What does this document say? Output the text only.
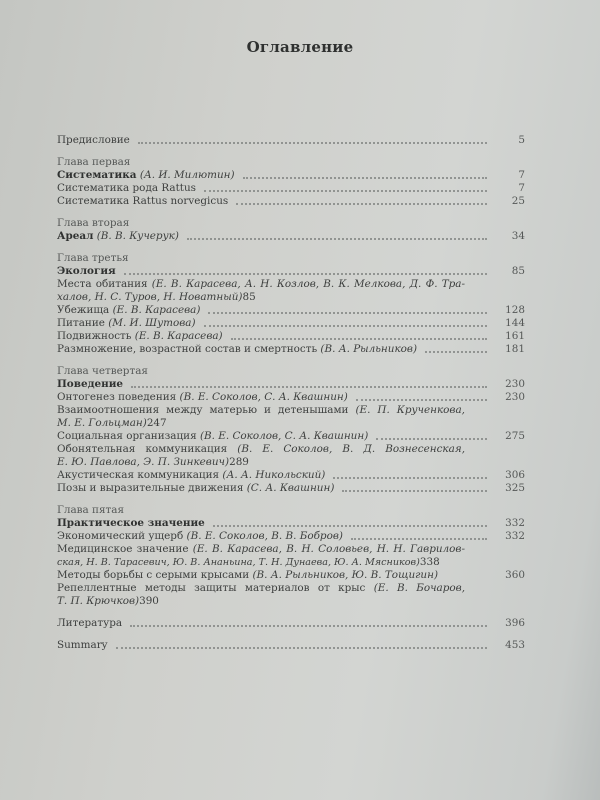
Оглавление
Предисловие	5
Глава первая
Систематика (А. И. Милютин)	7
Систематика рода Rattus	7
Систематика Rattus norvegicus	25
Глава вторая
Ареал (В. В. Кучерук)	34
Глава третья
Экология	85
Места обитания (Е. В. Карасева, А. Н. Козлов, В. К. Мелкова, Д. Ф. Тра-
халов, Н. С. Туров, Н. Новатный) 85
Убежища (Е. В. Карасева)	128
Питание (М. И. Шутова)	144
Подвижность (Е. В. Карасева)	161
Размножение, возрастной состав и смертность (В. А. Рыльников)	181
Глава четвертая
Поведение	230
Онтогенез поведения (В. Е. Соколов, С. А. Квашнин)	230
Взаимоотношения между матерью и детенышами (Е. П. Крученкова,
М. Е. Гольцман) 247
Социальная организация (В. Е. Соколов, С. А. Квашнин)	275
Обонятельная коммуникация (В. Е. Соколов, В. Д. Вознесенская,
Е. Ю. Павлова, Э. П. Зинкевич) 289
Акустическая коммуникация (А. А. Никольский)	306
Позы и выразительные движения (С. А. Квашнин)	325
Глава пятая
Практическое значение	332
Экономический ущерб (В. Е. Соколов, В. В. Бобров)	332
Медицинское значение (Е. В. Карасева, В. Н. Соловьев, Н. Н. Гаврилов-
ская, Н. В. Тарасевич, Ю. В. Ананьина, Т. Н. Дунаева, Ю. А. Мясников) 338
Методы борьбы с серыми крысами (В. А. Рыльников, Ю. В. Тощигин)	360
Репеллентные методы защиты материалов от крыс (Е. В. Бочаров,
Т. П. Крючков) 390
Литература	396
Summary	453
